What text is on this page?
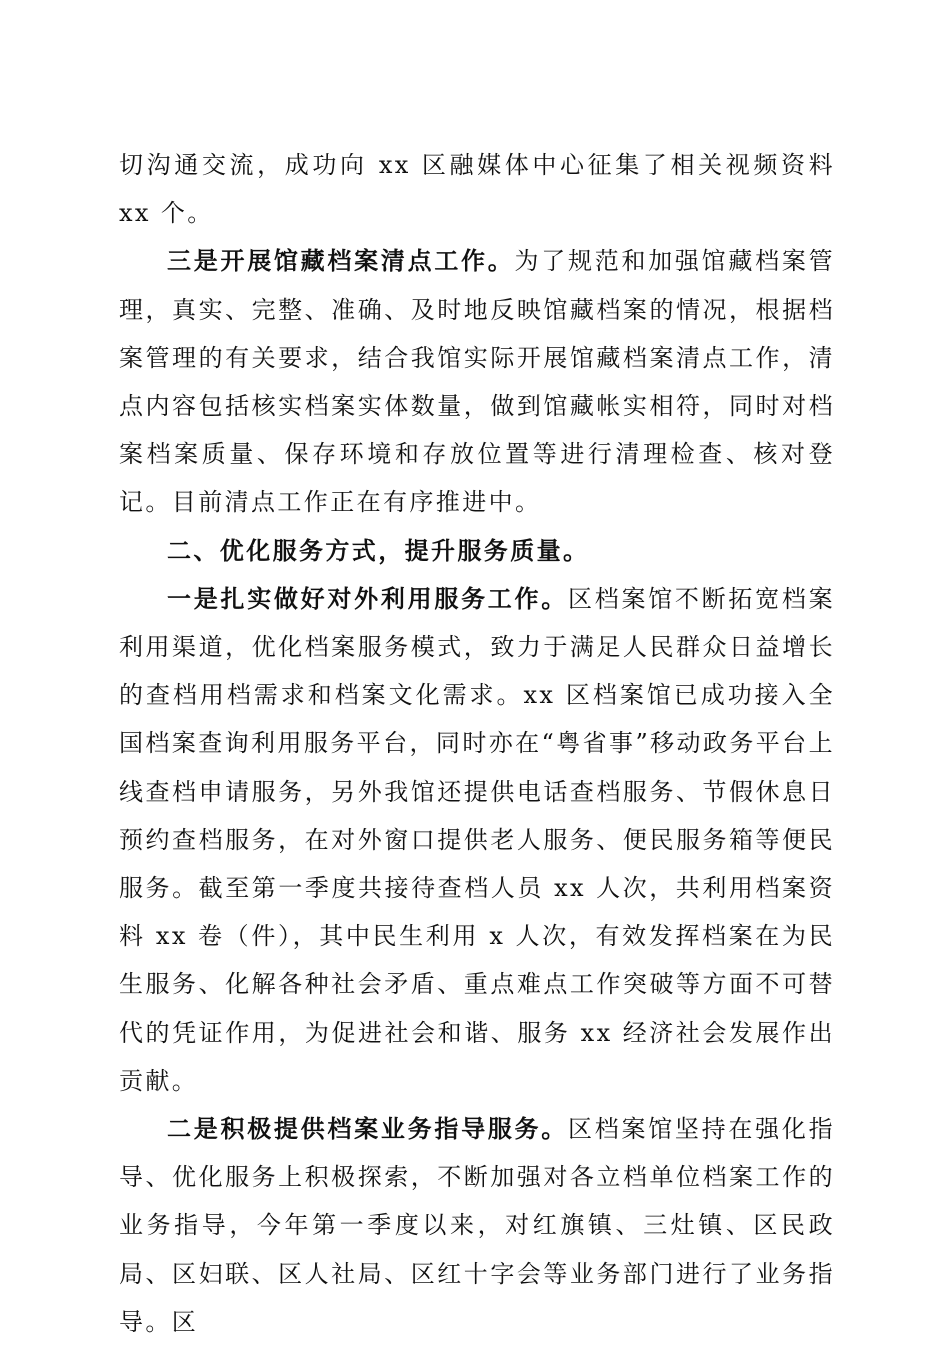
切沟通交流，成功向 xx 区融媒体中心征集了相关视频资料 xx 个。

三是开展馆藏档案清点工作。为了规范和加强馆藏档案管理，真实、完整、准确、及时地反映馆藏档案的情况，根据档案管理的有关要求，结合我馆实际开展馆藏档案清点工作，清点内容包括核实档案实体数量，做到馆藏帐实相符，同时对档案档案质量、保存环境和存放位置等进行清理检查、核对登记。目前清点工作正在有序推进中。

二、优化服务方式，提升服务质量。

一是扎实做好对外利用服务工作。区档案馆不断拓宽档案利用渠道，优化档案服务模式，致力于满足人民群众日益增长的查档用档需求和档案文化需求。xx 区档案馆已成功接入全国档案查询利用服务平台，同时亦在“粤省事”移动政务平台上线查档申请服务，另外我馆还提供电话查档服务、节假休息日预约查档服务，在对外窗口提供老人服务、便民服务箱等便民服务。截至第一季度共接待查档人员 xx 人次，共利用档案资料 xx 卷（件），其中民生利用 x 人次，有效发挥档案在为民生服务、化解各种社会矛盾、重点难点工作突破等方面不可替代的凭证作用，为促进社会和谐、服务 xx 经济社会发展作出贡献。

二是积极提供档案业务指导服务。区档案馆坚持在强化指导、优化服务上积极探索，不断加强对各立档单位档案工作的业务指导，今年第一季度以来，对红旗镇、三灶镇、区民政局、区妇联、区人社局、区红十字会等业务部门进行了业务指导。区
